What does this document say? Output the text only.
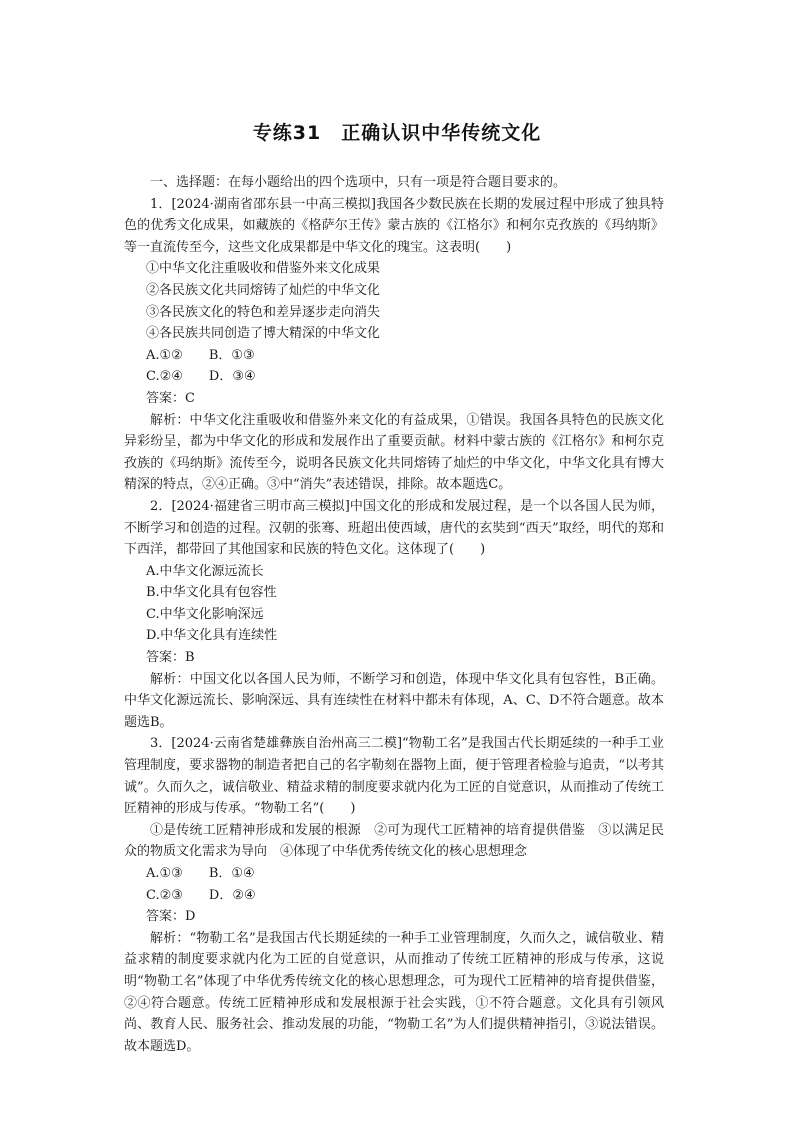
专练31　正确认识中华传统文化

一、选择题：在每小题给出的四个选项中，只有一项是符合题目要求的。

1．[2024·湖南省邵东县一中高三模拟]我国各少数民族在长期的发展过程中形成了独具特色的优秀文化成果，如藏族的《格萨尔王传》蒙古族的《江格尔》和柯尔克孜族的《玛纳斯》等一直流传至今，这些文化成果都是中华文化的瑰宝。这表明(　　)

①中华文化注重吸收和借鉴外来文化成果

②各民族文化共同熔铸了灿烂的中华文化

③各民族文化的特色和差异逐步走向消失

④各民族共同创造了博大精深的中华文化

A.①②　　B．①③

C.②④　　D．③④

答案：C

解析：中华文化注重吸收和借鉴外来文化的有益成果，①错误。我国各具特色的民族文化异彩纷呈，都为中华文化的形成和发展作出了重要贡献。材料中蒙古族的《江格尔》和柯尔克孜族的《玛纳斯》流传至今，说明各民族文化共同熔铸了灿烂的中华文化，中华文化具有博大精深的特点，②④正确。③中“消失”表述错误，排除。故本题选C。

2．[2024·福建省三明市高三模拟]中国文化的形成和发展过程，是一个以各国人民为师，不断学习和创造的过程。汉朝的张骞、班超出使西域，唐代的玄奘到“西天”取经，明代的郑和下西洋，都带回了其他国家和民族的特色文化。这体现了(　　)

A.中华文化源远流长

B.中华文化具有包容性

C.中华文化影响深远

D.中华文化具有连续性

答案：B

解析：中国文化以各国人民为师，不断学习和创造，体现中华文化具有包容性，B正确。中华文化源远流长、影响深远、具有连续性在材料中都未有体现，A、C、D不符合题意。故本题选B。

3．[2024·云南省楚雄彝族自治州高三二模]“物勒工名”是我国古代长期延续的一种手工业管理制度，要求器物的制造者把自己的名字勒刻在器物上面，便于管理者检验与追责，“以考其诚”。久而久之，诚信敬业、精益求精的制度要求就内化为工匠的自觉意识，从而推动了传统工匠精神的形成与传承。“物勒工名”(　　)

①是传统工匠精神形成和发展的根源　②可为现代工匠精神的培育提供借鉴　③以满足民众的物质文化需求为导向　④体现了中华优秀传统文化的核心思想理念

A.①③　　B．①④

C.②③　　D．②④

答案：D

解析：“物勒工名”是我国古代长期延续的一种手工业管理制度，久而久之，诚信敬业、精益求精的制度要求就内化为工匠的自觉意识，从而推动了传统工匠精神的形成与传承，这说明“物勒工名”体现了中华优秀传统文化的核心思想理念，可为现代工匠精神的培育提供借鉴，②④符合题意。传统工匠精神形成和发展根源于社会实践，①不符合题意。文化具有引领风尚、教育人民、服务社会、推动发展的功能，“物勒工名”为人们提供精神指引，③说法错误。故本题选D。
